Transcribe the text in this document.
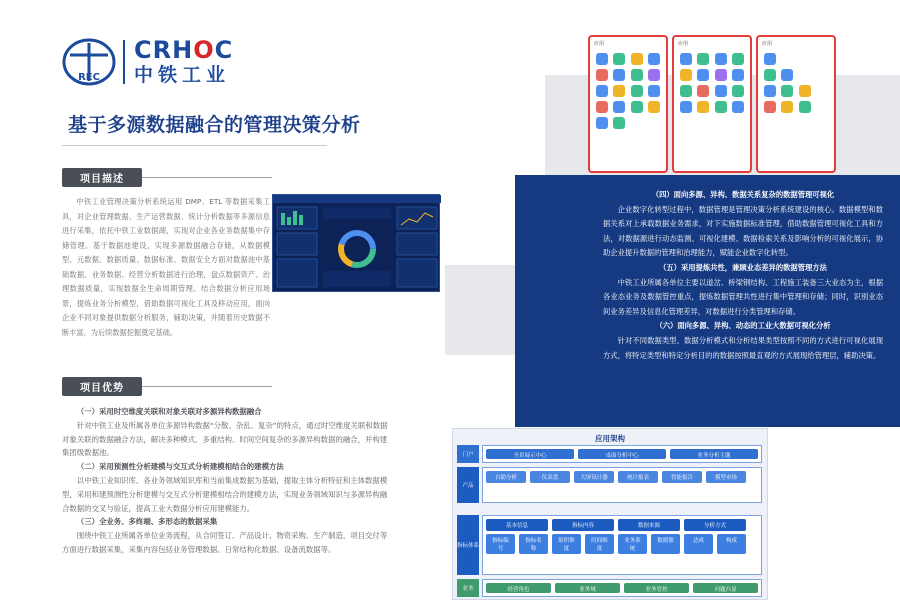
REC
CRHOC
中铁工业
基于多源数据融合的管理决策分析
项目描述
中铁工业管理决策分析系统运用 DMP、ETL 等数据采集工具，对企业管理数据、生产运营数据、统计分析数据等多源信息进行采集，依托中铁工业数据湖，实现对企业各业务数据集中存储管理。基于数据池建设，实现多源数据融合存储，从数据模型、元数据、数据质量、数据标准、数据安全方面对数据池中基础数据、业务数据、经营分析数据进行治理，盘点数据资产、治理数据质量，实现数据全生命周期管理。结合数据分析应用场景，提炼业务分析模型，借助数据可视化工具及移动应用，面向企业不同对象提供数据分析服务，辅助决策，并随着历史数据不断丰富，为后续数据挖掘奠定基础。
项目优势
（一）采用时空维度关联和对象关联对多源异构数据融合
针对中铁工业及所属各单位多源异构数据“分散、杂乱、复杂”的特点，通过时空维度关联和数据对象关联的数据融合方法，解决多种模式、多重结构、时间空间复杂的多源异构数据的融合，并构建集团级数据池。
（二）采用预测性分析建模与交互式分析建模相结合的建模方法
以中铁工业知识库、各业务领域知识库和当前集成数据为基础，提取主体分析特征和主体数据模型，采用和建预测性分析建模与交互式分析建模相结合的建模方法，实现业务领域知识与多源异构融合数据的交叉与验证，提高工业大数据分析应用建模能力。
（三）全业务、多终端、多形态的数据采集
围绕中铁工业所属各单位业务流程，从合同签订、产品设计、物资采购、生产制造、项目交付等方面进行数据采集，采集内容包括业务管理数据、日常结构化数据、设备流数据等。
应用	应用	应用
（四）面向多源、异构、数据关系复杂的数据管理可视化
企业数字化转型过程中，数据管理是管理决策分析系统建设的核心。数据模型和数据关系对上承载数据业务需求，对下实施数据标准管理，借助数据管理可视化工具和方法，对数据源进行动态监测、可视化建模、数据检索关系及影响分析的可视化展示，协助企业提升数据的管理和治理能力，赋能企业数字化转型。
（五）采用提炼共性，兼顾业态差异的数据管理方法
中铁工业所属各单位主要以道岔、桥梁钢结构、工程施工装备三大业态为主，根据各业态业务及数据管控重点，提炼数据管理共性进行集中管理和存储；同时，识别业态间业务差异及信息化管理差异，对数据进行分类管理和存储。
（六）面向多源、异构、动态的工业大数据可视化分析
针对不同数据类型、数据分析模式和分析结果类型按照不同的方式进行可视化展现方式，将特定类型和特定分析目的的数据按照最直观的方式展现给管理层，辅助决策。
应用架构
门户	全景展示中心	桌面分析中心	业务分析主题
产品
自助分析	仪表盘	大屏设计器	统计报表	智能报告	模型市场
指标体系
基本信息	指标内容	数据来源	分析方式
指标编号
指标名称
组织维度
时间维度
业务系统
数据源	达成	构成
业务	经营角色	业务域	业务管控	问题凸显
